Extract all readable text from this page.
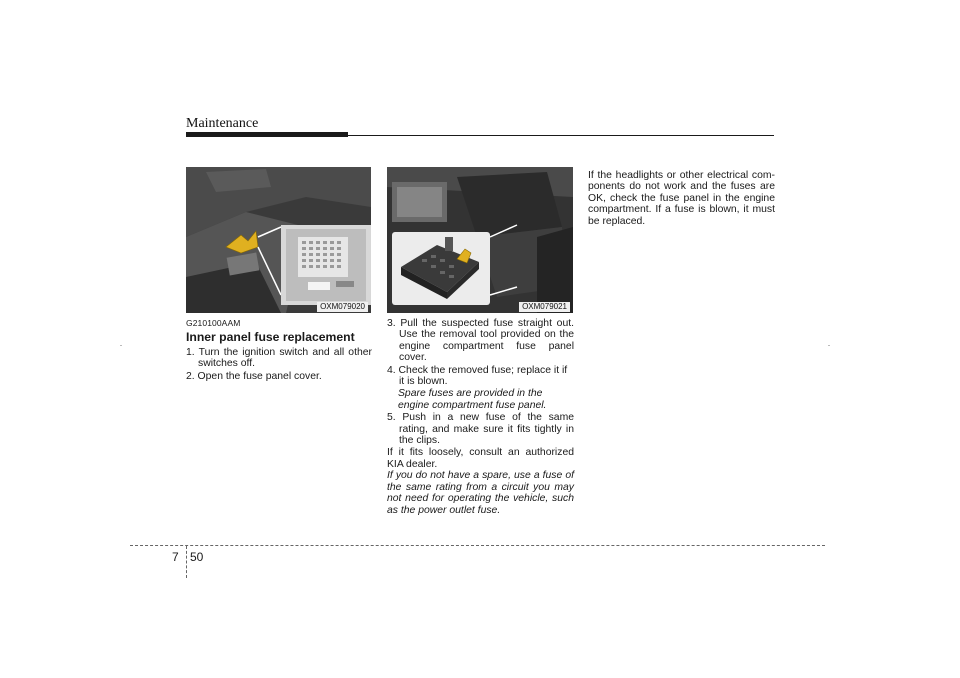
Maintenance
OXM079020	OXM079021
G210100AAM
Inner panel fuse replacement
1. Turn the ignition switch and all other switches off.
2. Open the fuse panel cover.
3. Pull the suspected fuse straight out. Use the removal tool provided on the engine compartment fuse panel cover.
4. Check the removed fuse; replace it if it is blown.
Spare fuses are provided in the engine compartment fuse panel.
5. Push in a new fuse of the same rating, and make sure it fits tightly in the clips.
If it fits loosely, consult an authorized KIA dealer.
If you do not have a spare, use a fuse of the same rating from a circuit you may not need for operating the vehicle, such as the power outlet fuse.
If the headlights or other electrical com-ponents do not work and the fuses are OK, check the fuse panel in the engine compartment. If a fuse is blown, it must be replaced.
7 50
